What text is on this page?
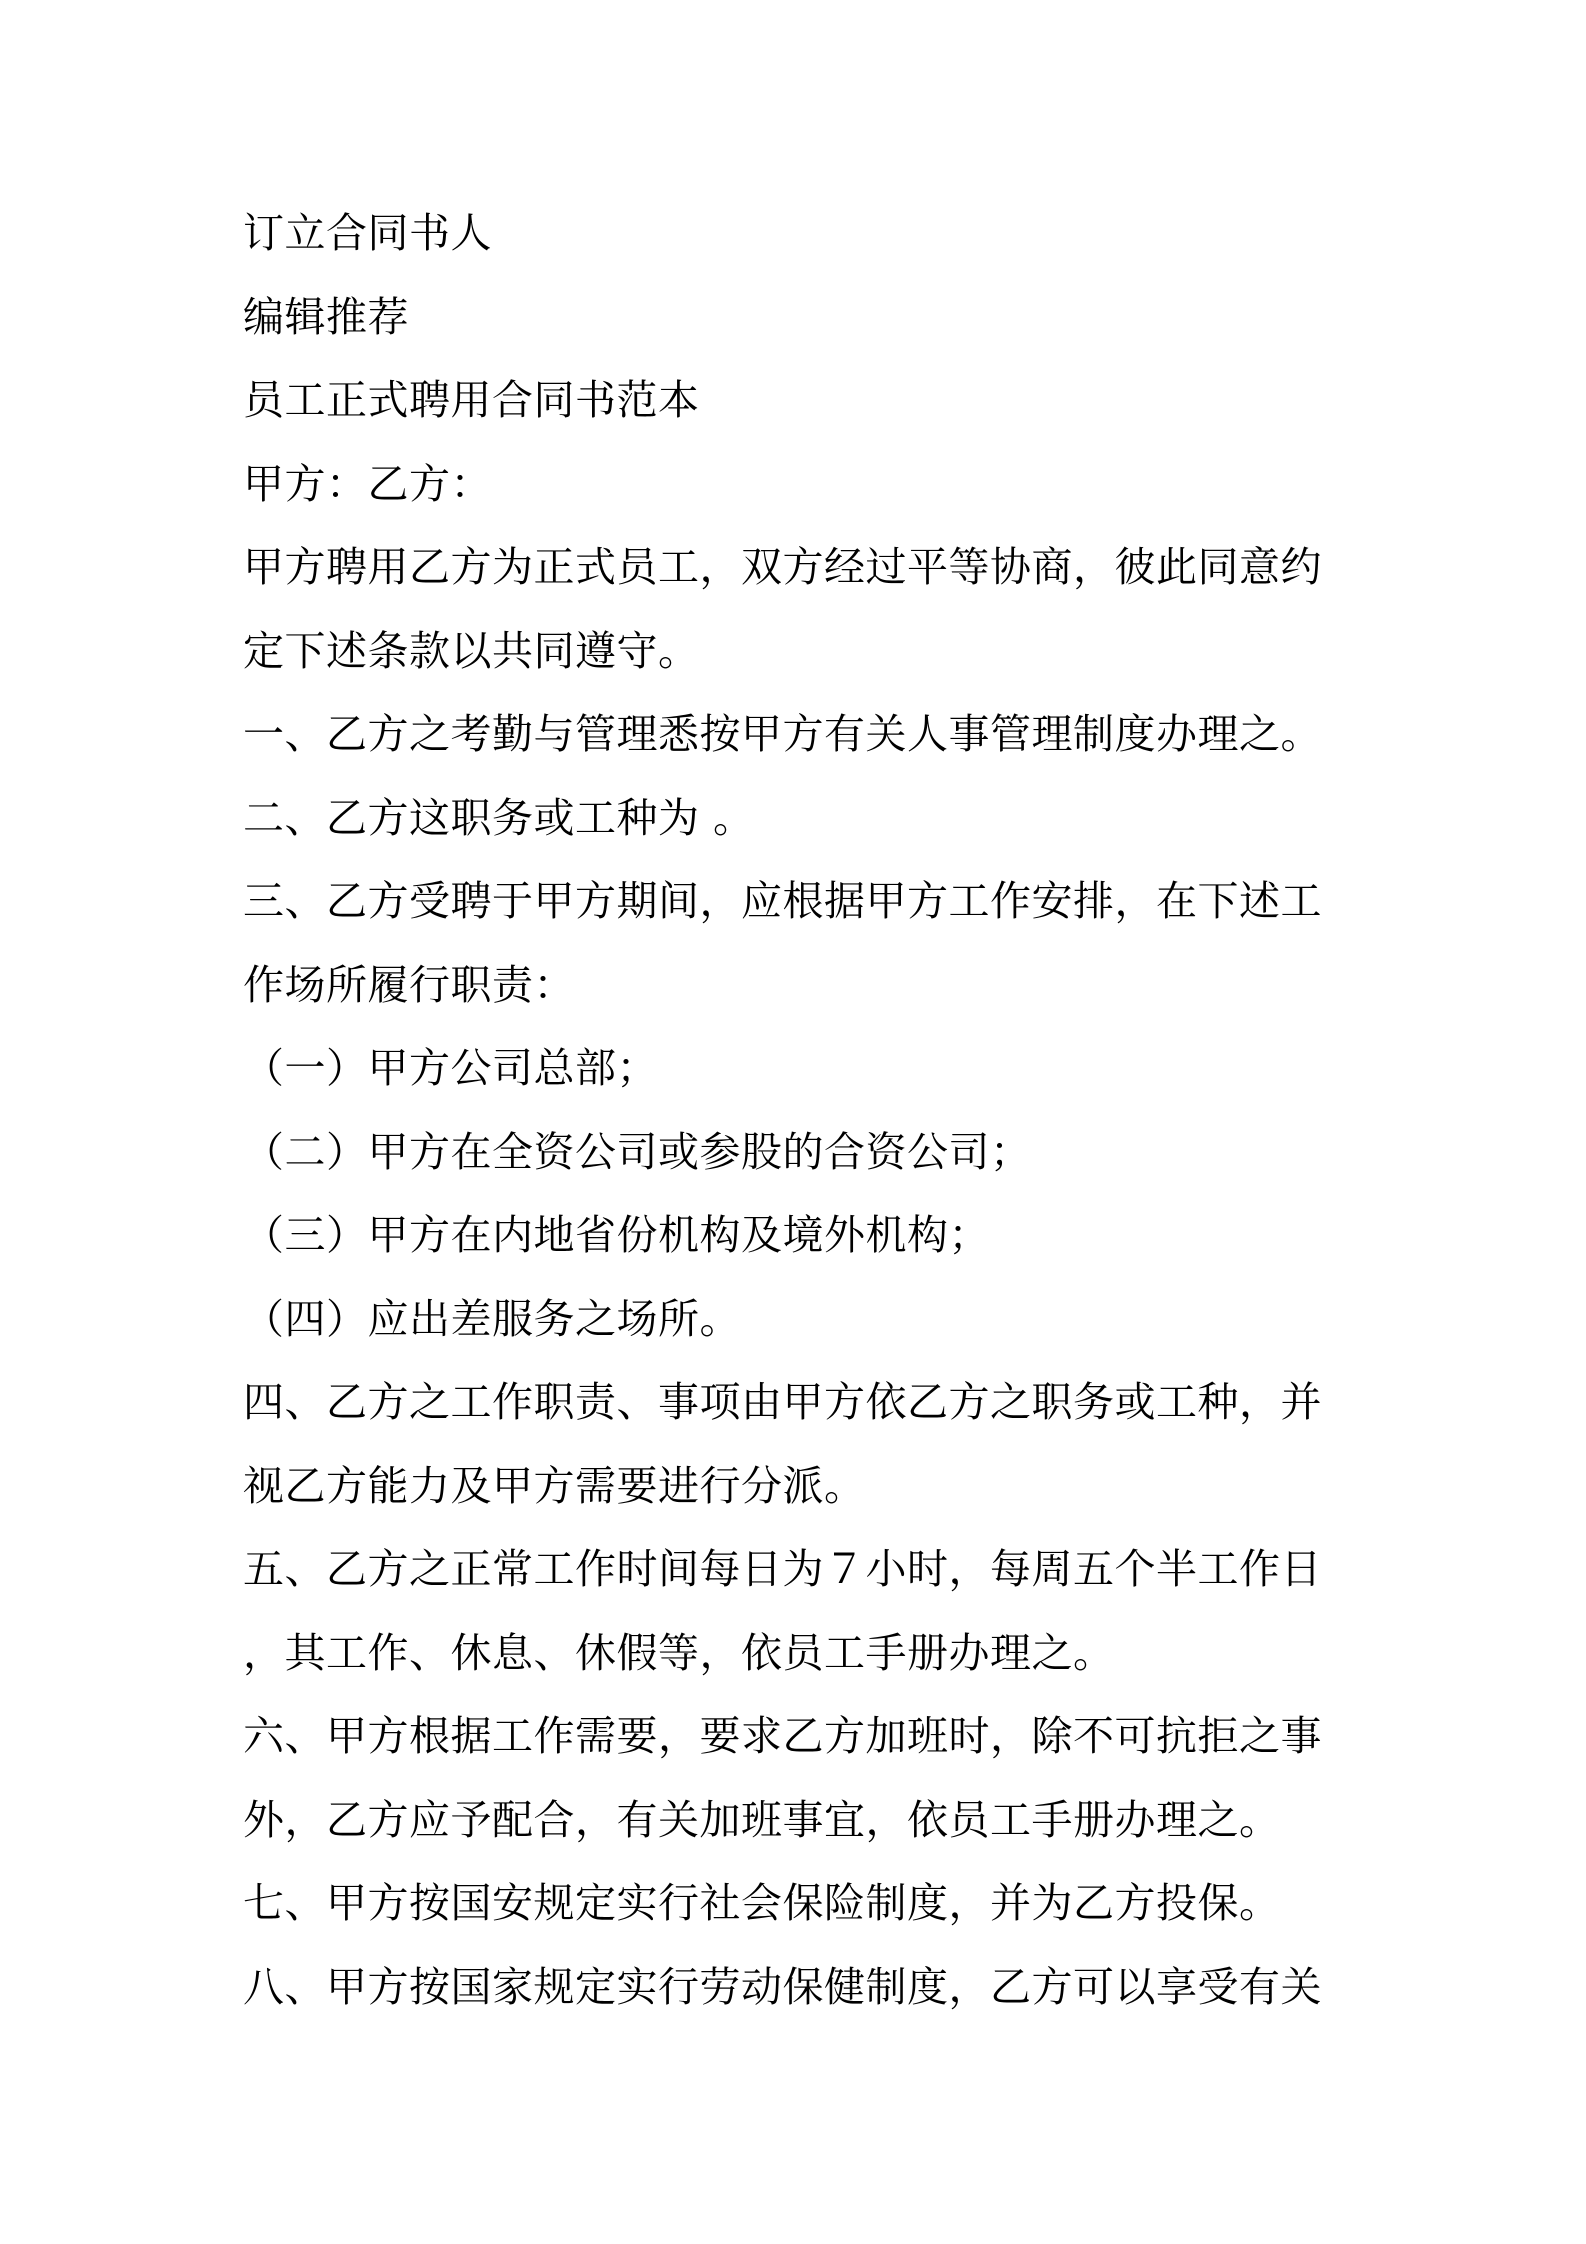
订立合同书人
编辑推荐
员工正式聘用合同书范本
甲方：乙方：
甲方聘用乙方为正式员工，双方经过平等协商，彼此同意约
定下述条款以共同遵守。
一、乙方之考勤与管理悉按甲方有关人事管理制度办理之。
二、乙方这职务或工种为 。
三、乙方受聘于甲方期间，应根据甲方工作安排，在下述工
作场所履行职责：
（一）甲方公司总部；
（二）甲方在全资公司或参股的合资公司；
（三）甲方在内地省份机构及境外机构；
（四）应出差服务之场所。
四、乙方之工作职责、事项由甲方依乙方之职务或工种，并
视乙方能力及甲方需要进行分派。
五、乙方之正常工作时间每日为７小时，每周五个半工作日
，其工作、休息、休假等，依员工手册办理之。
六、甲方根据工作需要，要求乙方加班时，除不可抗拒之事
外，乙方应予配合，有关加班事宜，依员工手册办理之。
七、甲方按国安规定实行社会保险制度，并为乙方投保。
八、甲方按国家规定实行劳动保健制度，乙方可以享受有关
